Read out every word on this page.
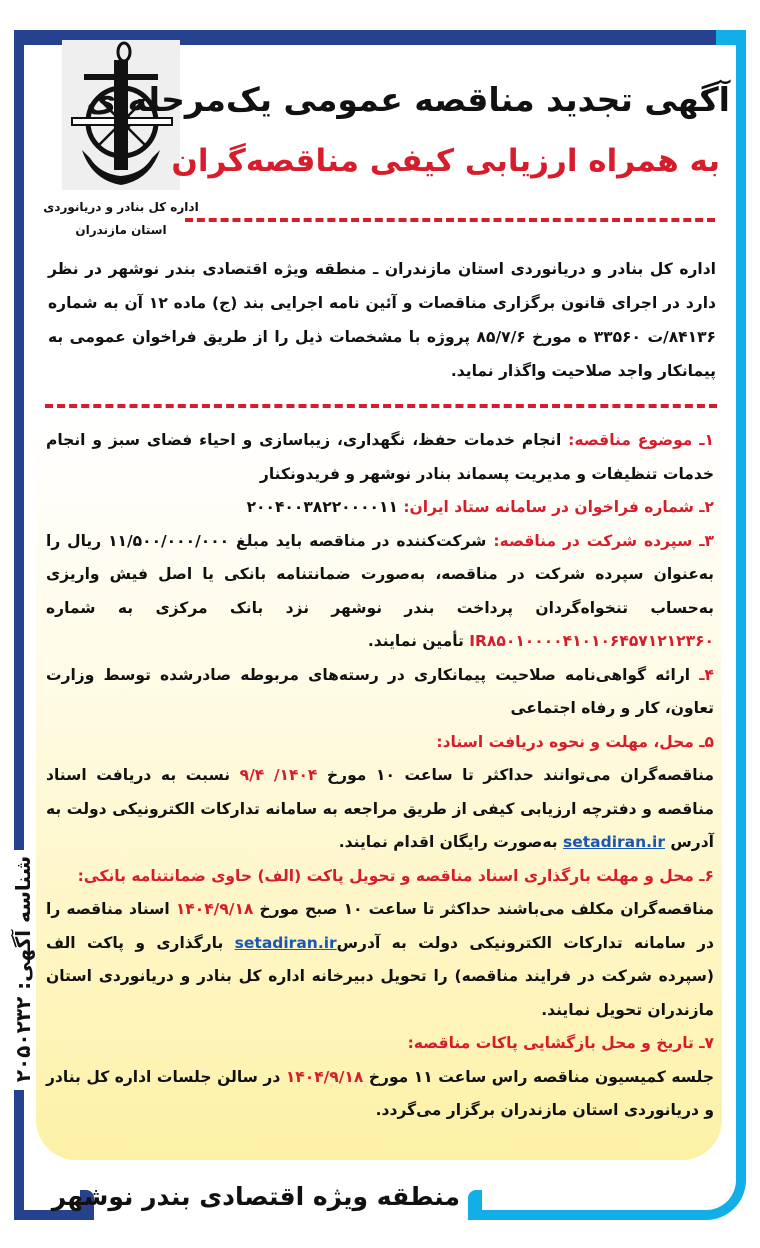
شناسه آگهی: ۲۰۵۰۲۳۲
اداره کل بنادر و دریانوردی
استان مازندران
آگهی تجدید مناقصه عمومی یک‌مرحله‌ای
به همراه ارزیابی کیفی مناقصه‌گران
اداره کل بنادر و دریانوردی استان مازندران ـ منطقه ویژه اقتصادی بندر نوشهر در نظر دارد در اجرای قانون برگزاری مناقصات و آئین نامه اجرایی بند (ج) ماده ۱۲ آن به شماره ۸۴۱۳۶/ت ۳۳۵۶۰ ه مورخ ۸۵/۷/۶ پروژه با مشخصات ذیل را از طریق فراخوان عمومی به پیمانکار واجد صلاحیت واگذار نماید.

۱ـ موضوع مناقصه: انجام خدمات حفظ، نگهداری، زیباسازی و احیاء فضای سبز و انجام خدمات تنظیفات و مدیریت پسماند بنادر نوشهر و فریدونکنار

۲ـ شماره فراخوان در سامانه ستاد ایران: ۲۰۰۴۰۰۳۸۲۲۰۰۰۰۱۱

۳ـ سپرده شرکت در مناقصه: شرکت‌کننده در مناقصه باید مبلغ ۱۱/۵۰۰/۰۰۰/۰۰۰ ریال را به‌عنوان سپرده شرکت در مناقصه، به‌صورت ضمانتنامه بانکی یا اصل فیش واریزی به‌حساب تنخواه‌گردان پرداخت بندر نوشهر نزد بانک مرکزی به شماره IR۸۵۰۱۰۰۰۰۴۱۰۱۰۶۴۵۷۱۲۱۲۳۶۰ تأمین نمایند.

۴ـ ارائه گواهی‌نامه صلاحیت پیمانکاری در رسته‌های مربوطه صادرشده توسط وزارت تعاون، کار و رفاه اجتماعی

۵ـ محل، مهلت و نحوه دریافت اسناد:

مناقصه‌گران می‌توانند حداکثر تا ساعت ۱۰ مورخ ۱۴۰۴/ ۹/۴ نسبت به دریافت اسناد مناقصه و دفترچه ارزیابی کیفی از طریق مراجعه به سامانه تدارکات الکترونیکی دولت به آدرس setadiran.ir به‌صورت رایگان اقدام نمایند.

۶ـ محل و مهلت بارگذاری اسناد مناقصه و تحویل پاکت (الف) حاوی ضمانتنامه بانکی:

مناقصه‌گران مکلف می‌باشند حداکثر تا ساعت ۱۰ صبح مورخ ۱۴۰۴/۹/۱۸ اسناد مناقصه را در سامانه تدارکات الکترونیکی دولت به آدرسsetadiran.ir بارگذاری و پاکت الف (سپرده شرکت در فرایند مناقصه) را تحویل دبیرخانه اداره کل بنادر و دریانوردی استان مازندران تحویل نمایند.

۷ـ تاریخ و محل بازگشایی پاکات مناقصه:

جلسه کمیسیون مناقصه راس ساعت ۱۱ مورخ ۱۴۰۴/۹/۱۸ در سالن جلسات اداره کل بنادر و دریانوردی استان مازندران برگزار می‌گردد.

منطقه ویژه اقتصادی بندر نوشهر
